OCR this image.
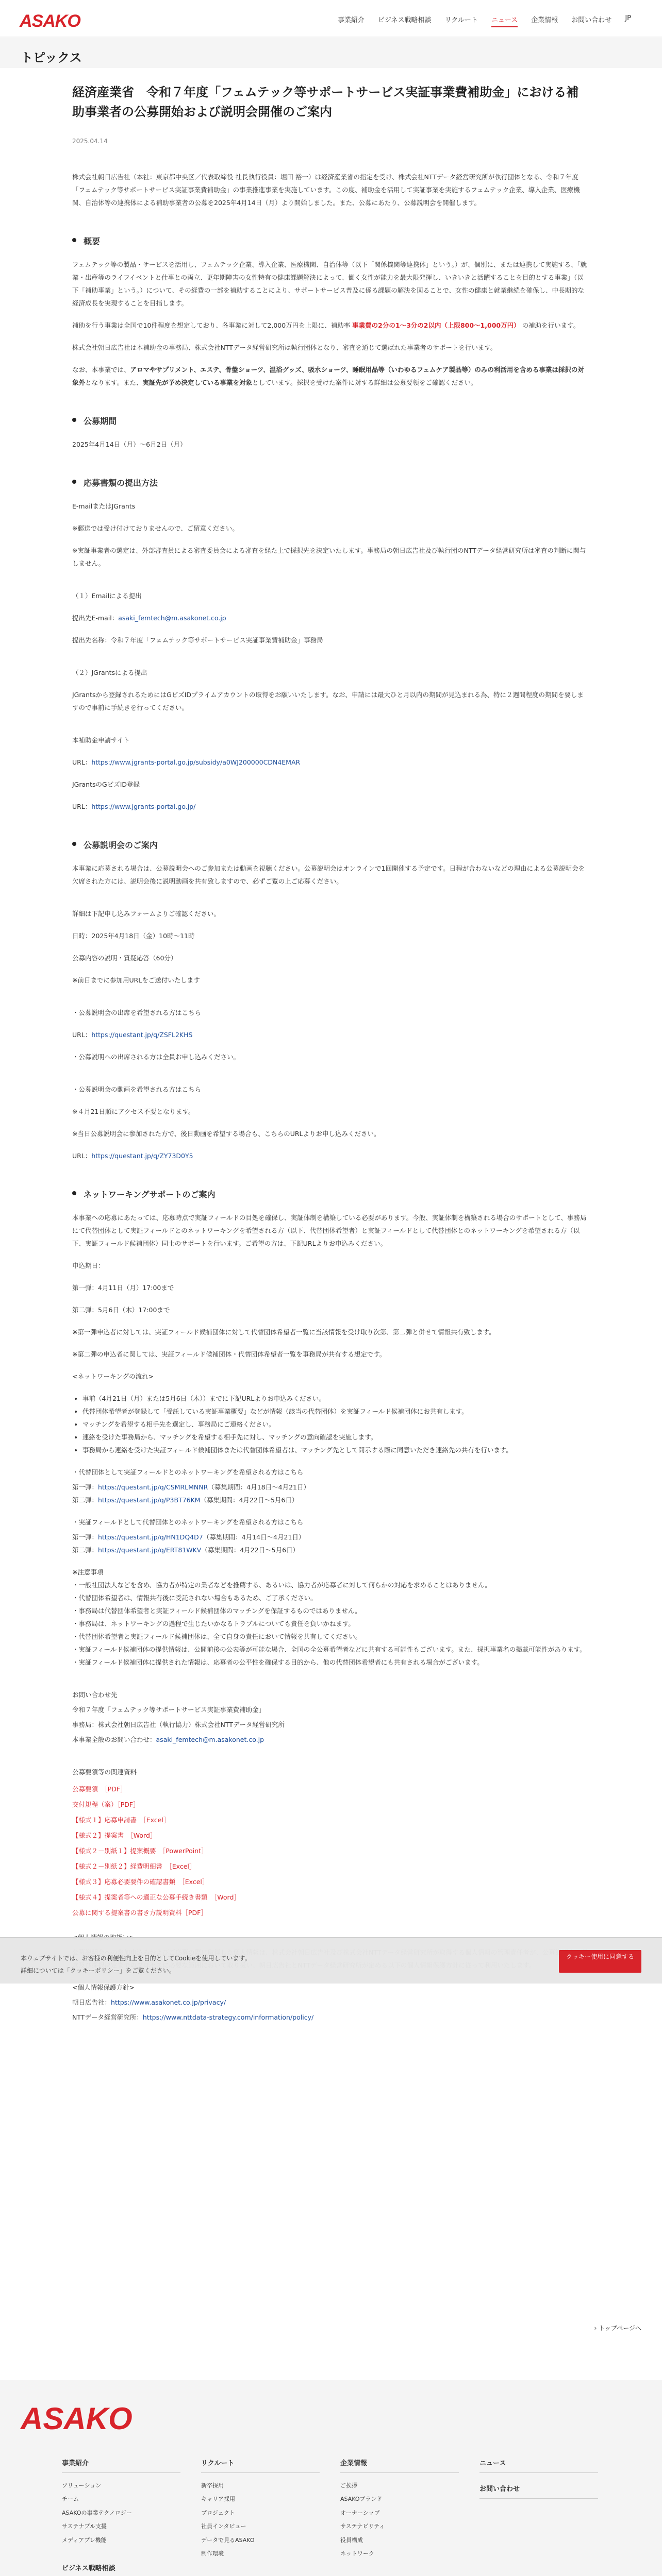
ASAKO	事業紹介 ビジネス戦略相談 リクルート ニュース 企業情報 お問い合わせ JP
トピックス
経済産業省　令和７年度「フェムテック等サポートサービス実証事業費補助金」における補助事業者の公募開始および説明会開催のご案内
2025.04.14

株式会社朝日広告社（本社：東京都中央区／代表取締役 社長執行役員：堀田 裕一）は経済産業省の指定を受け、株式会社NTTデータ経営研究所が執行団体となる、令和７年度「フェムテック等サポートサービス実証事業費補助金」の事業推進事業を実施しています。この度、補助金を活用して実証事業を実施するフェムテック企業、導入企業、医療機関、自治体等の連携体による補助事業者の公募を2025年4月14日（月）より開始しました。また、公募にあたり、公募説明会を開催します。

概要

フェムテック等の製品・サービスを活用し、フェムテック企業、導入企業、医療機関、自治体等（以下「関係機関等連携体」という。）が、個別に、または連携して実施する、「就業・出産等のライフイベントと仕事との両立、更年期障害の女性特有の健康課題解決によって、働く女性が能力を最大限発揮し、いきいきと活躍することを目的とする事業」（以下「補助事業」という。）について、その経費の一部を補助することにより、サポートサービス普及に係る課題の解決を図ることで、女性の健康と就業継続を確保し、中長期的な経済成長を実現することを目指します。

補助を行う事業は全国で10件程度を想定しており、各事業に対して2,000万円を上限に、補助率 事業費の2分の1〜3分の2以内（上限800〜1,000万円） の補助を行います。

株式会社朝日広告社は本補助金の事務局、株式会社NTTデータ経営研究所は執行団体となり、審査を通じて選ばれた事業者のサポートを行います。

なお、本事業では、アロマやサプリメント、エステ、骨盤ショーツ、温浴グッズ、吸水ショーツ、睡眠用品等（いわゆるフェムケア製品等）のみの利活用を含める事業は採択の対象外となります。また、実証先が予め決定している事業を対象としています。採択を受けた案件に対する詳細は公募要領をご確認ください。

公募期間

2025年4月14日（月）〜6月2日（月）

応募書類の提出方法

E-mailまたはJGrants

※郵送では受け付けておりませんので、ご留意ください。

※実証事業者の選定は、外部審査員による審査委員会による審査を経た上で採択先を決定いたします。事務局の朝日広告社及び執行団のNTTデータ経営研究所は審査の判断に関与しません。

（１）Emailによる提出

提出先E-mail：asaki_femtech@m.asakonet.co.jp

提出先名称：令和７年度「フェムテック等サポートサービス実証事業費補助金」事務局

（２）JGrantsによる提出

JGrantsから登録されるためにはGビズIDプライムアカウントの取得をお願いいたします。なお、申請には最大ひと月以内の期間が見込まれる為、特に２週間程度の期間を要しますので事前に手続きを行ってください。

本補助金申請サイト

URL：https://www.jgrants-portal.go.jp/subsidy/a0WJ200000CDN4EMAR

JGrantsのGビズID登録

URL：https://www.jgrants-portal.go.jp/

公募説明会のご案内

本事業に応募される場合は、公募説明会へのご参加または動画を視聴ください。公募説明会はオンラインで1回開催する予定です。日程が合わないなどの理由による公募説明会を欠席された方には、説明会後に説明動画を共有致しますので、必ずご覧の上ご応募ください。

詳細は下記申し込みフォームよりご確認ください。

日時：2025年4月18日（金）10時〜11時

公募内容の説明・質疑応答（60分）

※前日までに参加用URLをご送付いたします

・公募説明会の出席を希望される方はこちら

URL：https://questant.jp/q/ZSFL2KHS

・公募説明への出席される方は全員お申し込みください。

・公募説明会の動画を希望される方はこちら

※４月21日順にアクセス不要となります。

※当日公募説明会に参加された方で、後日動画を希望する場合も、こちらのURLよりお申し込みください。

URL：https://questant.jp/q/ZY73D0Y5

ネットワーキングサポートのご案内

本事業への応募にあたっては、応募時点で実証フィールドの目処を確保し、実証体制を構築している必要があります。今般、実証体制を構築される場合のサポートとして、事務局にて代替団体として実証フィールドとのネットワーキングを希望される方（以下、代替団体希望者）と実証フィールドとして代替団体とのネットワーキングを希望される方（以下、実証フィールド候補団体）同士のサポートを行います。ご希望の方は、下記URLよりお申込みください。

申込期日：

第一弾：4月11日（月）17:00まで

第二弾：5月6日（木）17:00まで

※第一弾申込者に対しては、実証フィールド候補団体に対して代替団体希望者一覧に当該情報を受け取り次第、第二弾と併せて情報共有致します。

※第二弾の申込者に関しては、実証フィールド候補団体・代替団体希望者一覧を事務局が共有する想定です。

<ネットワーキングの流れ>

• 事前（4月21日（月）または5月6日（木））までに下記URLよりお申込みください。
• 代替団体希望者が登録して「受託している実証事業概要」などが情報（該当の代替団体）を実証フィールド候補団体にお共有します。
• マッチングを希望する相手先を選定し、事務局にご連絡ください。
• 連絡を受けた事務局から、マッチングを希望する相手先に対し、マッチングの意向確認を実施します。
• 事務局から連絡を受けた実証フィールド候補団体または代替団体希望者は、マッチング先として開示する際に同意いただき連絡先の共有を行います。

・代替団体として実証フィールドとのネットワーキングを希望される方はこちら

第一弾：https://questant.jp/q/CSMRLMNNR（募集期間：4月18日〜4月21日）

第二弾：https://questant.jp/q/P3BT76KM（募集期間：4月22日〜5月6日）

・実証フィールドとして代替団体とのネットワーキングを希望される方はこちら

第一弾：https://questant.jp/q/HN1DQ4D7（募集期間：4月14日〜4月21日）

第二弾：https://questant.jp/q/ERT81WKV（募集期間：4月22日〜5月6日）

※注意事項

・一般社団法人などを含め、協力者が特定の業者などを推薦する、あるいは、協力者が応募者に対して何らかの対応を求めることはありません。

・代替団体希望者は、情報共有後に受託されない場合もあるため、ご了承ください。

・事務局は代替団体希望者と実証フィールド候補団体のマッチングを保証するものではありません。

・事務局は、ネットワーキングの過程で生じたいかなるトラブルについても責任を負いかねます。

・代替団体希望者と実証フィールド候補団体は、全て自身の責任において情報を共有してください。

・実証フィールド候補団体の提供情報は、公開前後の公表等が可能な場合、全国の全公募希望者などに共有する可能性もございます。また、採択事業名の掲載可能性があります。

・実証フィールド候補団体に提供された情報は、応募者の公平性を確保する目的から、他の代替団体希望者にも共有される場合がございます。

お問い合わせ先

令和７年度「フェムテック等サポートサービス実証事業費補助金」

事務局：株式会社朝日広告社（執行協力）株式会社NTTデータ経営研究所

本事業全般のお問い合わせ：asaki_femtech@m.asakonet.co.jp

公募要領等の関連資料

公募要領　［PDF］
交付規程（案）［PDF］
【様式１】応募申請書　［Excel］
【様式２】提案書　［Word］
【様式２－別紙１】提案概要　［PowerPoint］
【様式２－別紙２】経費明細書　［Excel］
【様式３】応募必要要件の確認書類　［Excel］
【様式４】提案者等への適正な公募手続き書類　［Word］
公募に関する提案書の書き方説明資料［PDF］

<個人情報保護方針>

朝日広告社：https://www.asakonet.co.jp/privacy/

NTTデータ経営研究所：https://www.nttdata-strategy.com/information/policy/

本ウェブサイトでは、お客様の利便性向上を目的としてCookieを使用しています。
詳細については「クッキーポリシー」をご覧ください。
クッキー使用に同意する
› トップページへ
ASAKO
事業紹介
ソリューション
チーム
ASAKOの事業テクノロジー
サステナブル支援
メディアプレ機能
ビジネス戦略相談
リクルート
新卒採用
キャリア採用
プロジェクト
社員インタビュー
データで見るASAKO
制作環境
企業情報
ご挨拶
ASAKOブランド
オーナーシップ
サステナビリティ
役員構成
ネットワーク
ニュース
お問い合わせ
